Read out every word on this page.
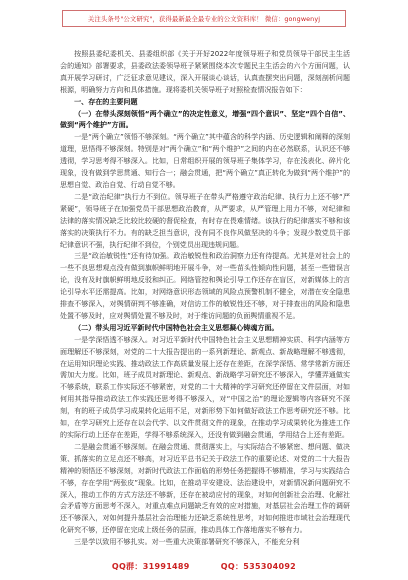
关注头条号"公文研究"，获得最新最全最专业的公文资料库！ 微信：gongwenyj

按照县委纪委机关、县委组织部《关于开好2022年度领导班子和党员领导干部民主生活会的通知》部署要求，县委政法委领导班子紧紧围绕本次专题民主生活会的六个方面问题，认真开展学习研讨，广泛征求意见建议，深入开展谈心谈话，认真查摆突出问题，深刻剖析问题根源，明确努力方向和具体措施。现将委机关领导班子对照检查情况报告如下：

一、存在的主要问题

（一）在带头深刻领悟“两个确立”的决定性意义，增强“四个意识”、坚定“四个自信”、做到“两个维护”方面。

一是“两个确立”领悟不够深刻。“两个确立”其中蕴含的科学内涵、历史逻辑和阐释的深刻道理，思悟得不够深刻。特别是对“两个确立”和“两个维护”之间的内在必然联系，认识还不够透彻，学习思考得不够深入。比如，日常组织开展的领导班子集体学习，存在浅表化、碎片化现象，没有做到学思贯通、知行合一；融会贯通，把“两个确立”真正转化为做到“两个维护”的思想自觉、政治自觉、行动自觉不够。

二是“政治纪律”执行力不到位。领导班子在带头严格遵守政治纪律、执行力上还不够“严紧硬”，领导班子在加强党员干部思想政治教育，从严要求，从严管理上用力不够，对纪律和法律的落实情况缺乏比较比较硬的督促检查，有时存在畏难情绪。该执行的纪律落实不够和该落实的决策执行不力。有的缺乏担当意识，没有同不良作风做坚决的斗争；发现少数党员干部纪律意识不强，执行纪律不到位，个别党员出现违规问题。

三是“政治敏锐性”还有待加强。政治敏锐性和政治洞察力还有待提高。尤其是对社会上的一些不良思想观点没有做到旗帜鲜明地开展斗争，对一些苗头性倾向性问题，甚至一些错误言论，没有及时旗帜鲜明地反驳和纠正。网络管控和舆论引导工作还存在盲区，对新媒体上的言论引导水平还需提高。比如，对网络意识形态领域的风险点预警机制不健全，对潜在安全隐患排查不够深入，对舆情研判不够准确，对信访工作的敏锐性还不够，对于排查出的风险和隐患处置不够及时，应对舆情处置不够及时，对于维访问题的负面舆情重视不足。

（二）带头用习近平新时代中国特色社会主义思想凝心铸魂方面。

一是学深悟透不够深入。对习近平新时代中国特色社会主义思想精神实质、科学内涵等方面理解还不够深刻，对党的二十大报告提出的一系列新理论、新观点、新战略理解不够透彻，在运用知识理论实践、推动政法工作高质量发展上还存在差距，在深学深悟、常学常新方面还需加大力度。比如，班子成员对新理论、新观点、新战略学习研究还不够深入，学懂弄通做实不够系统，联系工作实际还不够紧密，对党的二十大精神的学习研究还停留在文件层面，对如何用其指导推动政法工作实践还思考得不够深入，对“中国之治”的理论逻辑等内容研究不深刻，有的班子成员学习成果转化运用不足，对新形势下如何做好政法工作思考研究还不够。比如，在学习研究上还存在以会代学、以文件贯彻文件的现象，在推动学习成果转化为推进工作的实际行动上还存在差距，学得不够系统深入，还没有做到融会贯通，学用结合上还有差距。

二是融会贯通不够深刻。在融会贯通、贯彻落实上，与实际结合不够紧密、想问题、做决策、抓落实的立足点还不够高，对习近平总书记关于政法工作的重要论述、对党的二十大报告精神的领悟还不够深刻，对新时代政法工作面临的形势任务把握得不够精准，学习与实践结合不够，存在学用“两张皮”现象。比如，在推动平安建设、法治建设中，对新情况新问题研究不深入，推动工作的方式方法还不够新，还存在被动应付的现象，对如何创新社会治理、化解社会矛盾等方面思考不深入，对重点难点问题缺乏有效的应对措施，对基层社会治理工作的调研还不够深入，对如何提升基层社会治理能力还缺乏系统性思考，对如何推进市域社会治理现代化研究不够，还停留在完成上级任务的层面，推动具体工作落地落实不够有力。

三是学以致用不够扎实。对一些重大决策部署研究不够深入，不能充分利

QQ群：31991489	QQ：535304092
